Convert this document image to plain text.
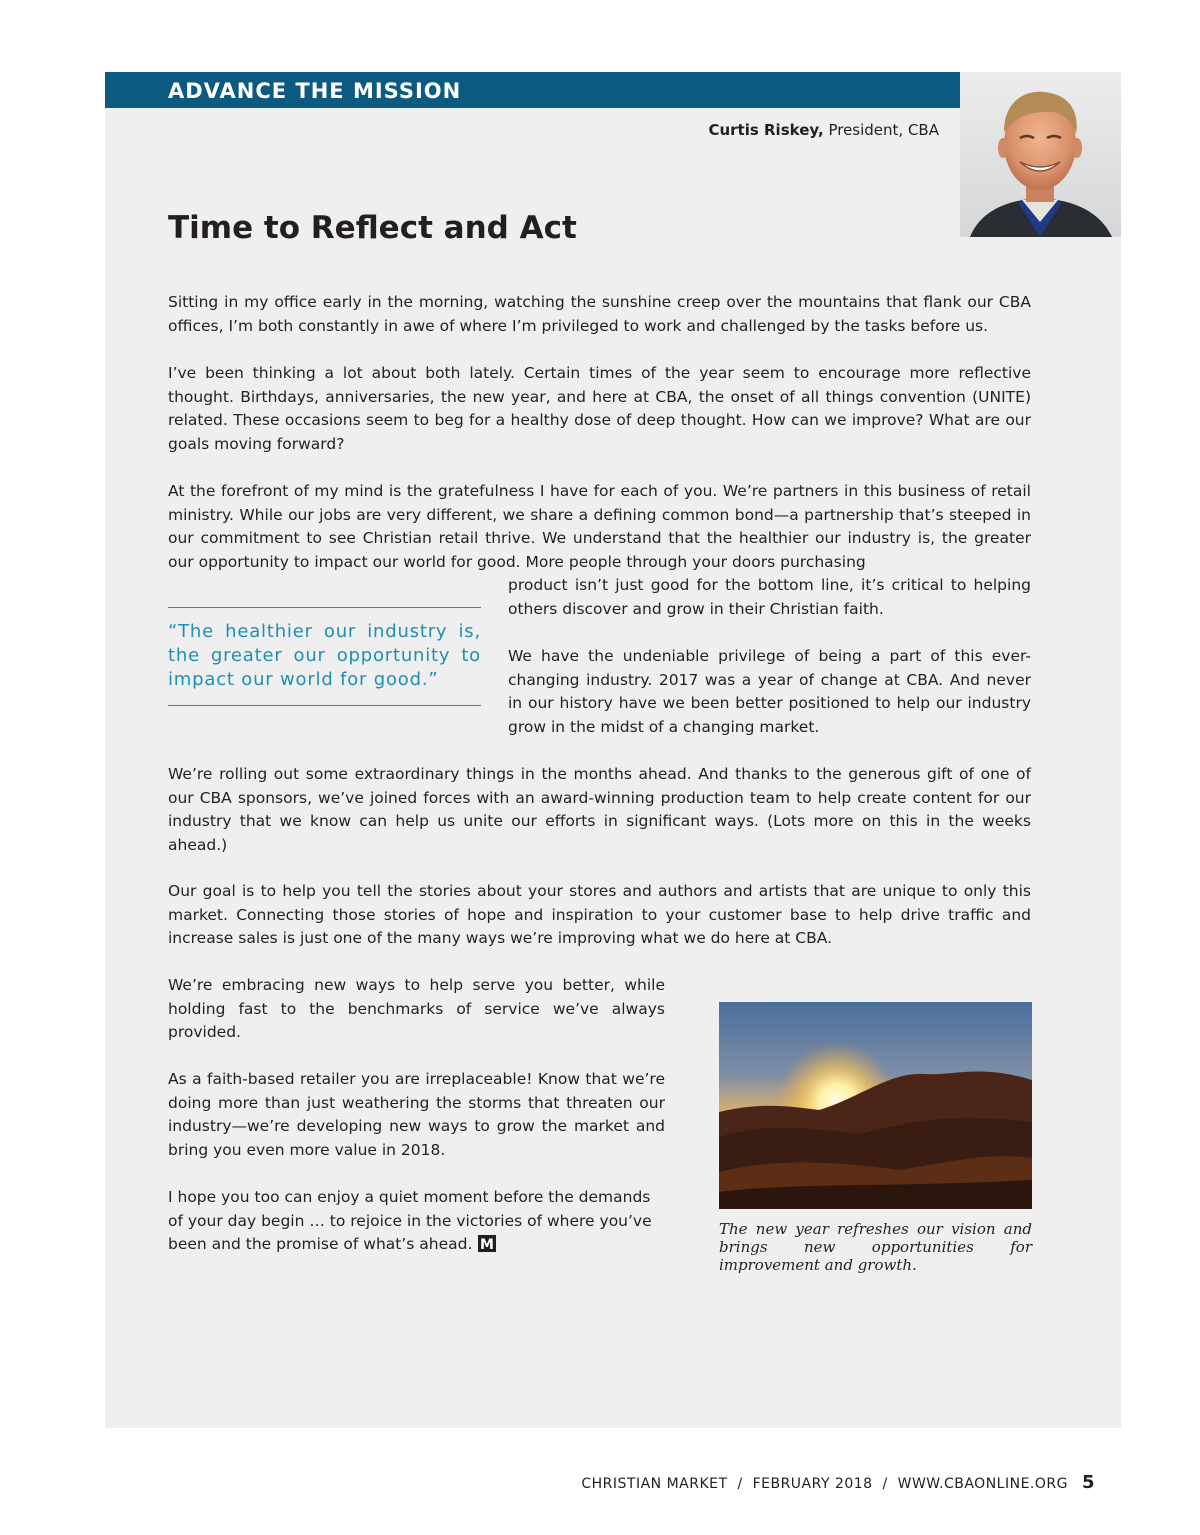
ADVANCE THE MISSION
Curtis Riskey, President, CBA
Time to Reflect and Act

Sitting in my office early in the morning, watching the sunshine creep over the mountains that flank our CBA offices, I’m both constantly in awe of where I’m privileged to work and challenged by the tasks before us.

I’ve been thinking a lot about both lately. Certain times of the year seem to encourage more reflective thought. Birthdays, anniversaries, the new year, and here at CBA, the onset of all things convention (UNITE) related. These occasions seem to beg for a healthy dose of deep thought. How can we improve? What are our goals moving forward?

At the forefront of my mind is the gratefulness I have for each of you. We’re partners in this business of retail ministry. While our jobs are very different, we share a defining common bond—a partnership that’s steeped in our commitment to see Christian retail thrive. We understand that the healthier our industry is, the greater our opportunity to impact our world for good. More people through your doors purchasing

product isn’t just good for the bottom line, it’s critical to helping others discover and grow in their Christian faith.

“The healthier our industry is, the greater our opportunity to impact our world for good.”

We have the undeniable privilege of being a part of this ever-changing industry. 2017 was a year of change at CBA. And never in our history have we been better positioned to help our industry grow in the midst of a changing market.

We’re rolling out some extraordinary things in the months ahead. And thanks to the generous gift of one of our CBA sponsors, we’ve joined forces with an award-winning production team to help create content for our industry that we know can help us unite our efforts in significant ways. (Lots more on this in the weeks ahead.)

Our goal is to help you tell the stories about your stores and authors and artists that are unique to only this market. Connecting those stories of hope and inspiration to your customer base to help drive traffic and increase sales is just one of the many ways we’re improving what we do here at CBA.

We’re embracing new ways to help serve you better, while holding fast to the benchmarks of service we’ve always provided.

As a faith-based retailer you are irreplaceable! Know that we’re doing more than just weathering the storms that threaten our industry—we’re developing new ways to grow the market and bring you even more value in 2018.

I hope you too can enjoy a quiet moment before the demands of your day begin … to rejoice in the victories of where you’ve been and the promise of what’s ahead. M

The new year refreshes our vision and brings new opportunities for improvement and growth.

CHRISTIAN MARKET  /  FEBRUARY 2018  /  WWW.CBAONLINE.ORG 5
